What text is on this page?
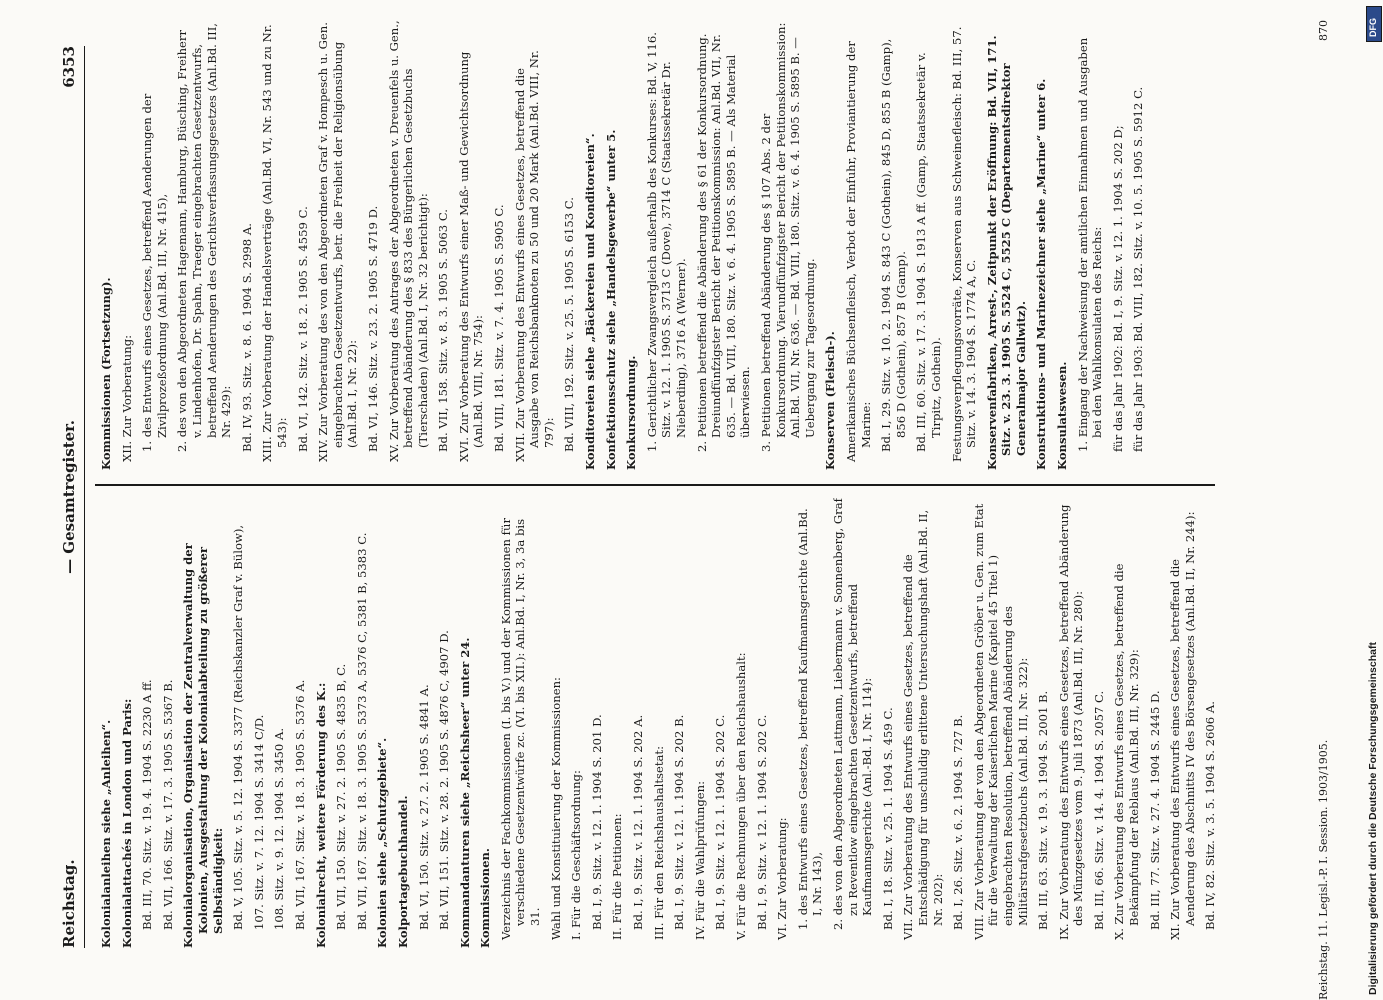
Reichstag.
— Gesamtregister.
6353
Kolonialanleihen siehe „Anleihen“. Kolonialattachés in London und Paris: Bd. III, 70. Sitz. v. 19. 4. 1904 S. 2230 A ff. Bd. VII, 166. Sitz. v. 17. 3. 1905 S. 5367 B. Kolonialorganisation, Organisation der Zentralverwaltung der Kolonien, Ausgestaltung der Kolonialabteilung zu größerer Selbständigkeit: Bd. V, 105. Sitz. v. 5. 12. 1904 S. 3377 (Reichskanzler Graf v. Bülow), 107. Sitz. v. 7. 12. 1904 S. 3414 C/D. 108. Sitz. v. 9. 12. 1904 S. 3450 A. Bd. VII, 167. Sitz. v. 18. 3. 1905 S. 5376 A. Kolonialrecht, weitere Förderung des K.: Bd. VII, 150. Sitz. v. 27. 2. 1905 S. 4835 B, C. Bd. VII, 167. Sitz. v. 18. 3. 1905 S. 5373 A, 5376 C, 5381 B, 5383 C. Kolonien siehe „Schutzgebiete“. Kolportagebuchhandel. Bd. VI, 150. Sitz. v. 27. 2. 1905 S. 4841 A. Bd. VII, 151. Sitz. v. 28. 2. 1905 S. 4876 C, 4907 D. Kommandanturen siehe „Reichsheer“ unter 24. Kommissionen. Verzeichnis der Fachkommissionen (I. bis V.) und der Kommissionen für verschiedene Gesetzentwürfe zc. (VI. bis XII.): Anl.Bd. I, Nr. 3, 3a bis 31. Wahl und Konstituierung der Kommissionen: I. Für die Geschäftsordnung: Bd. I, 9. Sitz. v. 12. 1. 1904 S. 201 D. II. Für die Petitionen: Bd. I, 9. Sitz. v. 12. 1. 1904 S. 202 A. III. Für den Reichshaushaltsetat: Bd. I, 9. Sitz. v. 12. 1. 1904 S. 202 B. IV. Für die Wahlprüfungen: Bd. I, 9. Sitz. v. 12. 1. 1904 S. 202 C. V. Für die Rechnungen über den Reichshaushalt: Bd. I, 9. Sitz. v. 12. 1. 1904 S. 202 C. VI. Zur Vorberatung: 1. des Entwurfs eines Gesetzes, betreffend Kaufmannsgerichte (Anl.Bd. I, Nr. 143), 2. des von den Abgeordneten Lattmann, Liebermann v. Sonnenberg, Graf zu Reventlow eingebrachten Gesetzentwurfs, betreffend Kaufmannsgerichte (Anl.-Bd. I, Nr. 114): Bd. I, 18. Sitz. v. 25. 1. 1904 S. 459 C. VII. Zur Vorberatung des Entwurfs eines Gesetzes, betreffend die Entschädigung für unschuldig erlittene Untersuchungshaft (Anl.Bd. II, Nr. 202): Bd. I, 26. Sitz. v. 6. 2. 1904 S. 727 B. VIII. Zur Vorberatung der von den Abgeordneten Gröber u. Gen. zum Etat für die Verwaltung der Kaiserlichen Marine (Kapitel 45 Titel 1) eingebrachten Resolution, betreffend Abänderung des Militärstrafgesetzbuchs (Anl.Bd. III, Nr. 322): Bd. III, 63. Sitz. v. 19. 3. 1904 S. 2001 B. IX. Zur Vorberatung des Entwurfs eines Gesetzes, betreffend Abänderung des Münzgesetzes vom 9. Juli 1873 (Anl.Bd. III, Nr. 280): Bd. III, 66. Sitz. v. 14. 4. 1904 S. 2057 C. X. Zur Vorberatung des Entwurfs eines Gesetzes, betreffend die Bekämpfung der Reblaus (Anl.Bd. III, Nr. 329): Bd. III, 77. Sitz. v. 27. 4. 1904 S. 2445 D. XI. Zur Vorberatung des Entwurfs eines Gesetzes, betreffend die Aenderung des Abschnitts IV des Börsengesetzes (Anl.Bd. II, Nr. 244): Bd. IV, 82. Sitz. v. 3. 5. 1904 S. 2606 A.
Kommissionen (Fortsetzung). XII. Zur Vorberatung: 1. des Entwurfs eines Gesetzes, betreffend Aenderungen der Zivilprozeßordnung (Anl.Bd. III, Nr. 415), 2. des von den Abgeordneten Hagemann, Hamburg, Büsching, Freiherr v. Lindenhofen, Dr. Spahn, Traeger eingebrachten Gesetzentwurfs, betreffend Aenderungen des Gerichtsverfassungsgesetzes (Anl.Bd. III, Nr. 429): Bd. IV, 93. Sitz. v. 8. 6. 1904 S. 2998 A. XIII. Zur Vorberatung der Handelsverträge (Anl.Bd. VI, Nr. 543 und zu Nr. 543): Bd. VI, 142. Sitz. v. 18. 2. 1905 S. 4559 C. XIV. Zur Vorberatung des von den Abgeordneten Graf v. Hompesch u. Gen. eingebrachten Gesetzentwurfs, betr. die Freiheit der Religionsübung (Anl.Bd. I, Nr. 22): Bd. VI, 146. Sitz. v. 23. 2. 1905 S. 4719 D. XV. Zur Vorberatung des Antrages der Abgeordneten v. Dreuenfels u. Gen., betreffend Abänderung des § 833 des Bürgerlichen Gesetzbuchs (Tierschaden) (Anl.Bd. I, Nr. 32 berichtigt): Bd. VII, 158. Sitz. v. 8. 3. 1905 S. 5063 C. XVI. Zur Vorberatung des Entwurfs einer Maß- und Gewichtsordnung (Anl.Bd. VIII, Nr. 754): Bd. VIII, 181. Sitz. v. 7. 4. 1905 S. 5905 C. XVII. Zur Vorberatung des Entwurfs eines Gesetzes, betreffend die Ausgabe von Reichsbanknoten zu 50 und 20 Mark (Anl.Bd. VIII, Nr. 797): Bd. VIII, 192. Sitz. v. 25. 5. 1905 S. 6153 C. Konditoreien siehe „Bäckereien und Konditoreien“. Konfektionsschutz siehe „Handelsgewerbe“ unter 5. Konkursordnung. 1. Gerichtlicher Zwangsvergleich außerhalb des Konkurses: Bd. V, 116. Sitz. v. 12. 1. 1905 S. 3713 C (Dove), 3714 C (Staatssekretär Dr. Nieberding), 3716 A (Werner). 2. Petitionen betreffend die Abänderung des § 61 der Konkursordnung. Dreiundfünfzigster Bericht der Petitionskommission: Anl.Bd. VII, Nr. 635. — Bd. VIII, 180. Sitz. v. 6. 4. 1905 S. 5895 B. — Als Material überwiesen. 3. Petitionen betreffend Abänderung des § 107 Abs. 2 der Konkursordnung. Vierundfünfzigster Bericht der Petitionskommission: Anl.Bd. VII, Nr. 636. — Bd. VIII, 180. Sitz. v. 6. 4. 1905 S. 5895 B. — Uebergang zur Tagesordnung. Konserven (Fleisch-). Amerikanisches Büchsenfleisch, Verbot der Einfuhr, Proviantierung der Marine: Bd. I, 29. Sitz. v. 10. 2. 1904 S. 843 C (Gothein), 845 D, 855 B (Gamp), 856 D (Gothein), 857 B (Gamp). Bd. III, 60. Sitz. v. 17. 3. 1904 S. 1913 A ff. (Gamp, Staatssekretär v. Tirpitz, Gothein). Festungsverpflegungsvorräte, Konserven aus Schweinefleisch: Bd. III, 57. Sitz. v. 14. 3. 1904 S. 1774 A, C. Konservenfabriken, Arrest-, Zeitpunkt der Eröffnung: Bd. VII, 171. Sitz. v. 23. 3. 1905 S. 5524 C, 5525 C (Departementsdirektor Generalmajor Gallwitz). Konstruktions- und Marinezeichner siehe „Marine“ unter 6. Konsulatswesen. 1. Eingang der Nachweisung der amtlichen Einnahmen und Ausgaben bei den Wahlkonsulaten des Reichs: für das Jahr 1902: Bd. I, 9. Sitz. v. 12. 1. 1904 S. 202 D; für das Jahr 1903: Bd. VIII, 182. Sitz. v. 10. 5. 1905 S. 5912 C.
Reichstag. 11. Legisl.-P. I. Session. 1903/1905.
870	DFG
Digitalisierung gefördert durch die Deutsche Forschungsgemeinschaft
